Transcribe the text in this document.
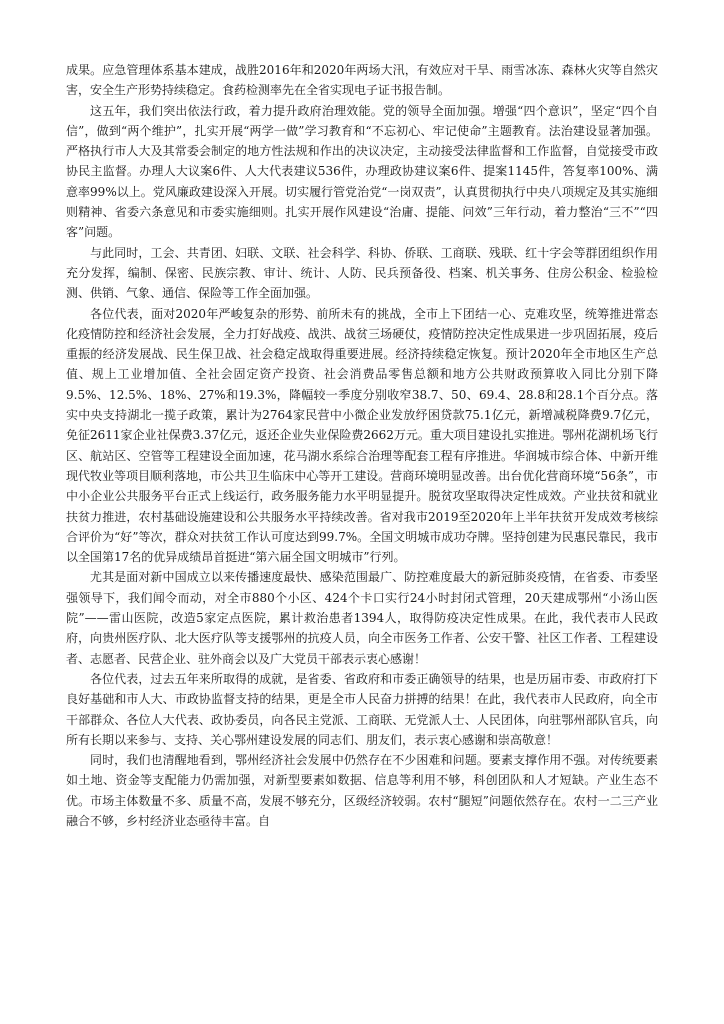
成果。应急管理体系基本建成，战胜2016年和2020年两场大汛，有效应对干旱、雨雪冰冻、森林火灾等自然灾害，安全生产形势持续稳定。食药检测率先在全省实现电子证书报告制。

这五年，我们突出依法行政，着力提升政府治理效能。党的领导全面加强。增强“四个意识”，坚定“四个自信”，做到“两个维护”，扎实开展“两学一做”学习教育和“不忘初心、牢记使命”主题教育。法治建设显著加强。严格执行市人大及其常委会制定的地方性法规和作出的决议决定，主动接受法律监督和工作监督，自觉接受市政协民主监督。办理人大议案6件、人大代表建议536件，办理政协建议案6件、提案1145件，答复率100%、满意率99%以上。党风廉政建设深入开展。切实履行管党治党“一岗双责”，认真贯彻执行中央八项规定及其实施细则精神、省委六条意见和市委实施细则。扎实开展作风建设“治庸、提能、问效”三年行动，着力整治“三不”“四客”问题。

与此同时，工会、共青团、妇联、文联、社会科学、科协、侨联、工商联、残联、红十字会等群团组织作用充分发挥，编制、保密、民族宗教、审计、统计、人防、民兵预备役、档案、机关事务、住房公积金、检验检测、供销、气象、通信、保险等工作全面加强。

各位代表，面对2020年严峻复杂的形势、前所未有的挑战，全市上下团结一心、克难攻坚，统筹推进常态化疫情防控和经济社会发展，全力打好战疫、战洪、战贫三场硬仗，疫情防控决定性成果进一步巩固拓展，疫后重振的经济发展战、民生保卫战、社会稳定战取得重要进展。经济持续稳定恢复。预计2020年全市地区生产总值、规上工业增加值、全社会固定资产投资、社会消费品零售总额和地方公共财政预算收入同比分别下降9.5%、12.5%、18%、27%和19.3%，降幅较一季度分别收窄38.7、50、69.4、28.8和28.1个百分点。落实中央支持湖北一揽子政策，累计为2764家民营中小微企业发放纾困贷款75.1亿元，新增减税降费9.7亿元，免征2611家企业社保费3.37亿元，返还企业失业保险费2662万元。重大项目建设扎实推进。鄂州花湖机场飞行区、航站区、空管等工程建设全面加速，花马湖水系综合治理等配套工程有序推进。华润城市综合体、中新开维现代牧业等项目顺利落地，市公共卫生临床中心等开工建设。营商环境明显改善。出台优化营商环境“56条”，市中小企业公共服务平台正式上线运行，政务服务能力水平明显提升。脱贫攻坚取得决定性成效。产业扶贫和就业扶贫力推进，农村基础设施建设和公共服务水平持续改善。省对我市2019至2020年上半年扶贫开发成效考核综合评价为“好”等次，群众对扶贫工作认可度达到99.7%。全国文明城市成功夺牌。坚持创建为民惠民靠民，我市以全国第17名的优异成绩昂首挺进“第六届全国文明城市”行列。

尤其是面对新中国成立以来传播速度最快、感染范围最广、防控难度最大的新冠肺炎疫情，在省委、市委坚强领导下，我们闻令而动，对全市880个小区、424个卡口实行24小时封闭式管理，20天建成鄂州“小汤山医院”——雷山医院，改造5家定点医院，累计救治患者1394人，取得防疫决定性成果。在此，我代表市人民政府，向贵州医疗队、北大医疗队等支援鄂州的抗疫人员，向全市医务工作者、公安干警、社区工作者、工程建设者、志愿者、民营企业、驻外商会以及广大党员干部表示衷心感谢！

各位代表，过去五年来所取得的成就，是省委、省政府和市委正确领导的结果，也是历届市委、市政府打下良好基础和市人大、市政协监督支持的结果，更是全市人民奋力拼搏的结果！在此，我代表市人民政府，向全市干部群众、各位人大代表、政协委员，向各民主党派、工商联、无党派人士、人民团体，向驻鄂州部队官兵，向所有长期以来参与、支持、关心鄂州建设发展的同志们、朋友们，表示衷心感谢和崇高敬意！

同时，我们也清醒地看到，鄂州经济社会发展中仍然存在不少困难和问题。要素支撑作用不强。对传统要素如土地、资金等支配能力仍需加强，对新型要素如数据、信息等利用不够，科创团队和人才短缺。产业生态不优。市场主体数量不多、质量不高，发展不够充分，区级经济较弱。农村“腿短”问题依然存在。农村一二三产业融合不够，乡村经济业态亟待丰富。自
